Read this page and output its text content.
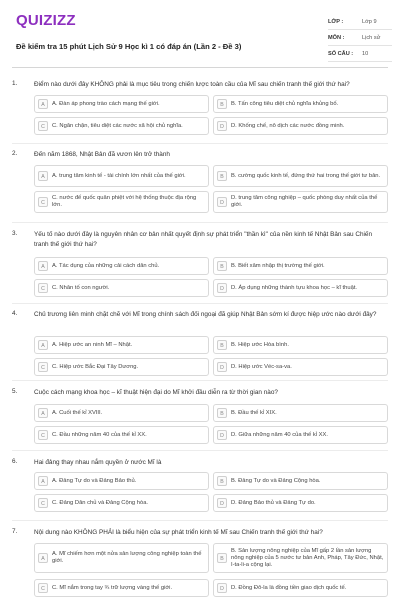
QUIZIZZ
Đề kiểm tra 15 phút Lịch Sử 9 Học kì 1 có đáp án (Lần 2 - Đề 3)
LỚP :	Lớp 9
MÔN :	Lịch sử
SỐ CÂU :	10
1.	Điểm nào dưới đây KHÔNG phải là mục tiêu trong chiến lược toàn cầu của Mĩ sau chiến tranh thế giới thứ hai?
A	A. Đàn áp phong trào cách mạng thế giới.	B	B. Tấn công tiêu diệt chủ nghĩa khủng bố.
C	C. Ngăn chặn, tiêu diệt các nước xã hội chủ nghĩa.	D	D. Khống chế, nô dịch các nước đồng minh.
2.	Đến năm 1868, Nhật Bản đã vươn lên trở thành
A	A. trung tâm kinh tế - tài chính lớn nhất của thế giới.	B	B. cường quốc kinh tế, đứng thứ hai trong thế giới tư bản.
C
C. nước đế quốc quân phiệt với hệ thống thuộc địa rộng lớn.	D
D. trung tâm công nghiệp – quốc phòng duy nhất của thế giới.
3.	Yếu tố nào dưới đây là nguyên nhân cơ bản nhất quyết định sự phát triển "thần kì" của nền kinh tế Nhật Bản sau Chiến tranh thế giới thứ hai?
A	A. Tác dụng của những cải cách dân chủ.	B	B. Biết xâm nhập thị trường thế giới.
C	C. Nhân tố con người.	D	D. Áp dụng những thành tựu khoa học – kĩ thuật.
4.	Chủ trương liên minh chặt chẽ với Mĩ trong chính sách đối ngoại đã giúp Nhật Bản sớm kí được hiệp ước nào dưới đây?
A	A. Hiệp ước an ninh Mĩ – Nhật.	B	B. Hiệp ước Hòa bình.
C	C. Hiệp ước Bắc Đại Tây Dương.	D	D. Hiệp ước Véc-sa-va.
5.	Cuộc cách mạng khoa học – kĩ thuật hiện đại do Mĩ khởi đầu diễn ra từ thời gian nào?
A	A. Cuối thế kỉ XVIII.	B	B. Đầu thế kỉ XIX.
C	C. Đầu những năm 40 của thế kỉ XX.	D	D. Giữa những năm 40 của thế kỉ XX.
6.	Hai đảng thay nhau nắm quyền ở nước Mĩ là
A	A. Đảng Tự do và Đảng Bảo thủ.	B	B. Đảng Tự do và Đảng Cộng hòa.
C	C. Đảng Dân chủ và Đảng Cộng hòa.	D	D. Đảng Bảo thủ và Đảng Tự do.
7.	Nội dung nào KHÔNG PHẢI là biểu hiện của sự phát triển kinh tế Mĩ sau Chiến tranh thế giới thứ hai?
A
A. Mĩ chiếm hơn một nửa sản lượng công nghiệp toàn thế giới.	B
B. Sản lượng nông nghiệp của Mĩ gấp 2 lần sản lượng nông nghiệp của 5 nước tư bản Anh, Pháp, Tây Đức, Nhật, I-ta-li-a cộng lại.
C	C. Mĩ nắm trong tay ¾ trữ lượng vàng thế giới.	D	D. Đồng Đô-la là đồng tiền giao dịch quốc tế.
